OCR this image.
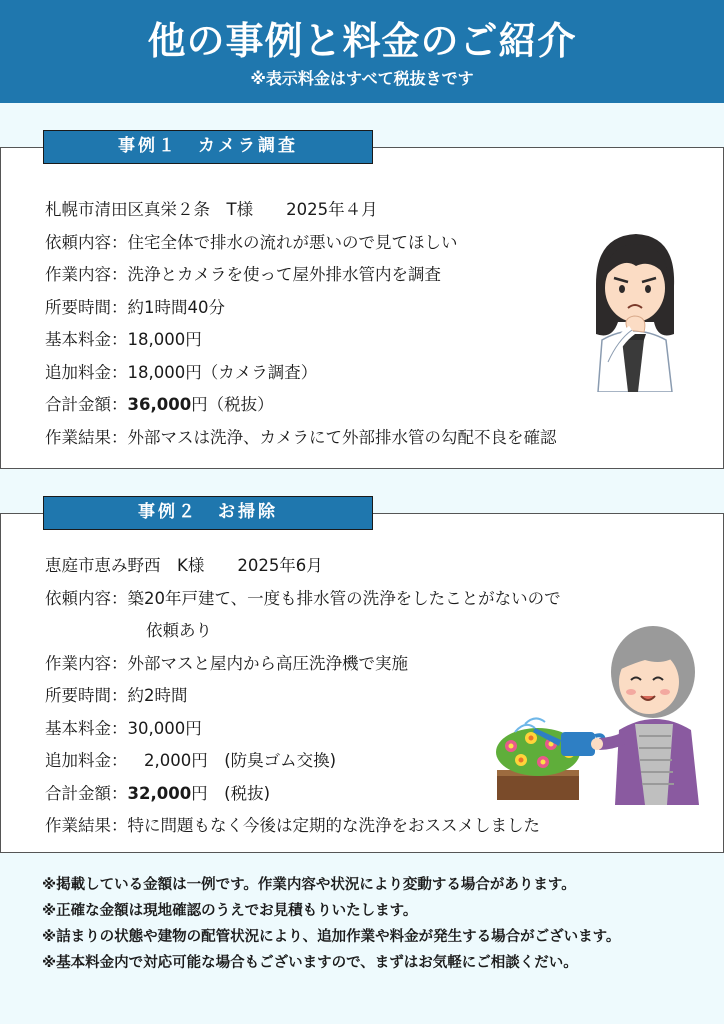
他の事例と料金のご紹介
※表示料金はすべて税抜きです
事例１　カメラ調査
札幌市清田区真栄２条　T様　　2025年４月
依頼内容：住宅全体で排水の流れが悪いので見てほしい
作業内容：洗浄とカメラを使って屋外排水管内を調査
所要時間：約1時間40分
基本料金：18,000円
追加料金：18,000円（カメラ調査）
合計金額：36,000円（税抜）
作業結果：外部マスは洗浄、カメラにて外部排水管の勾配不良を確認
事例２　お掃除
恵庭市恵み野西　K様　　2025年6月
依頼内容：築20年戸建て、一度も排水管の洗浄をしたことがないので
依頼あり
作業内容：外部マスと屋内から高圧洗浄機で実施
所要時間：約2時間
基本料金：30,000円
追加料金：　2,000円　(防臭ゴム交換)
合計金額：32,000円　(税抜)
作業結果：特に問題もなく今後は定期的な洗浄をおススメしました
※掲載している金額は一例です。作業内容や状況により変動する場合があります。
※正確な金額は現地確認のうえでお見積もりいたします。
※詰まりの状態や建物の配管状況により、追加作業や料金が発生する場合がございます。
※基本料金内で対応可能な場合もございますので、まずはお気軽にご相談くだい。
